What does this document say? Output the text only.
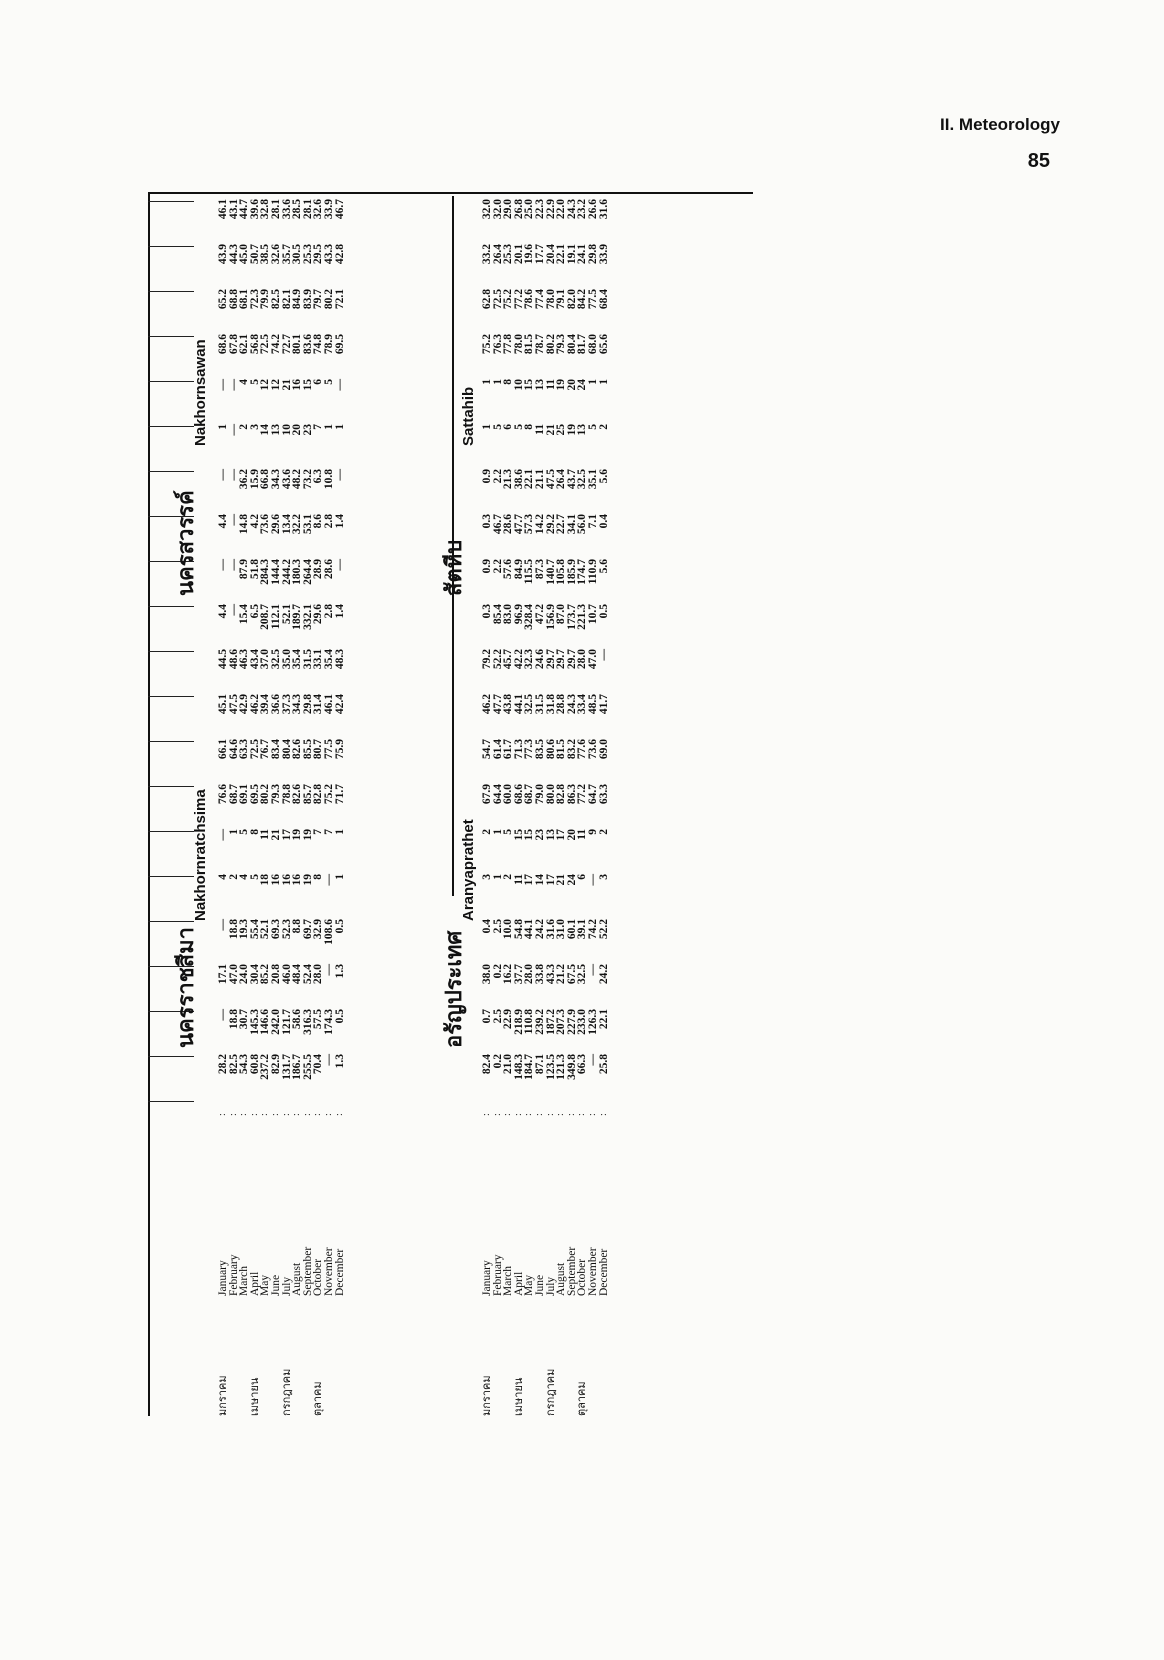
II. Meteorology
85
มกราคม เมษายน กรกฎาคม ตุลาคม
January
February
March
April
May
June
July
August
September
October
November
December
: : : : : : : : : : : :
นครราชสีมา
Nakhornratchsima
นครสวรรค์
Nakhornsawan
28.2
82.5
54.3
60.8
237.2
82.9
131.7
186.7
255.5
70.4
—
1.3
—
18.8
30.7
145.3
146.6
242.0
121.7
58.6
316.3
57.5
174.3
0.5
17.1
47.0
24.0
30.4
85.2
20.8
46.0
48.4
52.4
28.0
—
1.3
—
18.8
19.3
55.4
52.1
69.3
52.3
8.8
69.7
32.9
108.6
0.5
4
2
4
5
18
16
16
16
19
8
—
1
—
1
5
8
11
21
17
19
19
7
7
1
76.6
68.7
69.1
69.5
80.2
79.3
78.8
82.6
85.7
82.8
75.2
71.7
66.1
64.6
63.3
72.5
76.7
83.4
80.4
82.6
85.5
80.7
77.5
75.9
45.1
47.5
42.9
46.2
39.4
36.6
37.3
34.3
29.8
31.4
46.1
42.4
44.5
48.6
46.3
43.4
37.0
32.5
35.0
35.4
31.5
33.1
35.4
48.3
4.4
—
15.4
6.5
208.7
112.1
52.1
189.7
332.1
29.6
2.8
1.4
—
—
87.9
51.8
284.3
144.4
244.2
180.3
264.4
28.9
28.6
—
4.4
—
14.8
4.2
73.6
29.6
13.4
32.2
53.1
8.6
2.8
1.4
—
—
36.2
15.9
66.8
34.3
43.6
48.2
73.2
6.3
10.8
—
1
—
2
3
14
13
10
20
23
7
1
1
—
—
4
5
12
12
21
16
15
6
5
—
68.6
67.8
62.1
56.8
72.5
74.2
72.7
80.1
83.6
74.8
78.9
69.5
65.2
68.8
68.1
72.3
79.9
82.5
82.1
84.9
83.9
79.7
80.2
72.1
43.9
44.3
45.0
50.7
38.5
32.6
35.7
30.5
25.3
29.5
43.3
42.8
46.1
43.1
44.7
39.6
32.8
28.1
33.6
28.5
28.1
32.6
33.9
46.7
มกราคม เมษายน กรกฎาคม ตุลาคม
January
February
March
April
May
June
July
August
September
October
November
December
: : : : : : : : : : : :
อรัญประเทศ
Aranyaprathet
สัตหีบ
Sattahib
82.4
0.2
21.0
148.3
184.7
87.1
123.5
121.3
349.8
66.3
—
25.8
0.7
2.5
22.9
218.9
110.8
239.2
187.2
207.3
227.9
233.0
126.3
22.1
38.0
0.2
16.2
37.7
28.0
33.8
43.3
21.2
67.5
32.5
—
24.2
0.4
2.5
10.0
54.8
44.1
24.2
31.6
31.0
60.1
39.1
74.2
52.2
3
1
2
11
17
14
17
21
24
6
—
3
2
1
5
15
15
23
13
17
20
11
9
2
67.9
64.4
60.0
68.6
68.7
79.0
80.0
82.8
86.3
77.2
64.7
63.3
54.7
61.4
61.7
71.3
77.3
83.5
80.6
81.5
83.2
77.6
73.6
69.0
46.2
47.7
43.8
44.1
32.5
31.5
31.8
28.8
24.3
33.4
48.5
41.7
79.2
52.2
45.7
42.2
32.3
24.6
29.7
29.7
29.7
28.0
47.0
—
0.3
85.4
83.0
96.9
328.4
47.2
156.9
87.0
173.7
221.3
10.7
0.5
0.9
2.2
57.6
84.9
115.5
87.3
140.7
105.8
185.9
174.7
110.9
5.6
0.3
46.7
28.6
47.7
57.3
14.2
29.2
22.7
34.1
56.0
7.1
0.4
0.9
2.2
21.3
38.6
22.1
21.1
47.5
26.4
43.7
32.5
35.1
5.6
1
5
6
5
8
11
21
25
19
13
5
2
1
1
8
10
15
13
11
19
20
24
1
1
75.2
76.3
77.8
78.0
81.5
78.7
80.2
79.3
80.4
81.7
68.0
65.6
62.8
72.5
75.2
77.2
78.6
77.4
78.0
79.1
82.0
84.2
77.5
68.4
33.2
26.4
25.3
20.1
19.6
17.7
20.4
22.1
19.1
24.1
29.8
33.9
32.0
32.0
29.0
26.8
25.0
22.3
22.9
22.0
24.3
23.2
26.6
31.6
